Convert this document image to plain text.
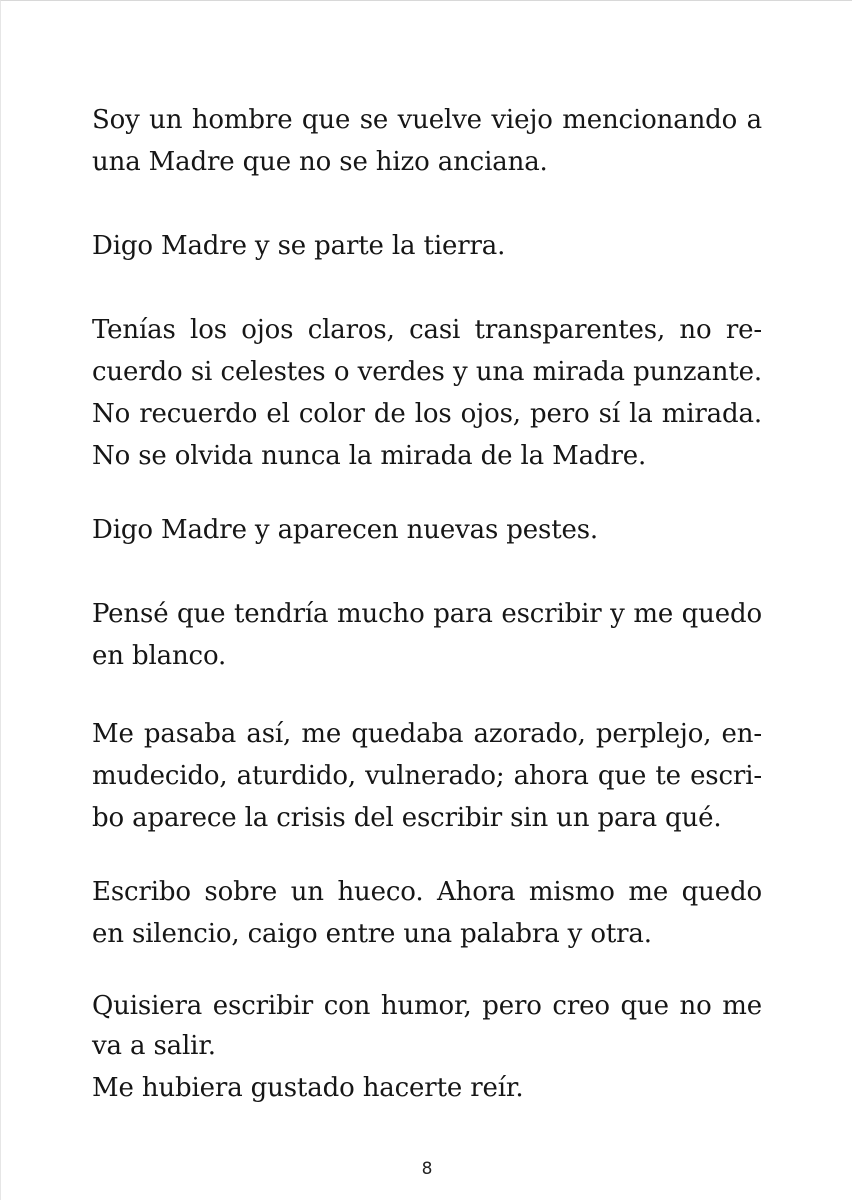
Soy un hombre que se vuelve viejo mencionando a
una Madre que no se hizo anciana.
Digo Madre y se parte la tierra.
Tenías los ojos claros, casi transparentes, no re-
cuerdo si celestes o verdes y una mirada punzante.
No recuerdo el color de los ojos, pero sí la mirada.
No se olvida nunca la mirada de la Madre.
Digo Madre y aparecen nuevas pestes.
Pensé que tendría mucho para escribir y me quedo
en blanco.
Me pasaba así, me quedaba azorado, perplejo, en-
mudecido, aturdido, vulnerado; ahora que te escri-
bo aparece la crisis del escribir sin un para qué.
Escribo sobre un hueco. Ahora mismo me quedo
en silencio, caigo entre una palabra y otra.
Quisiera escribir con humor, pero creo que no me
va a salir.
Me hubiera gustado hacerte reír.
8
